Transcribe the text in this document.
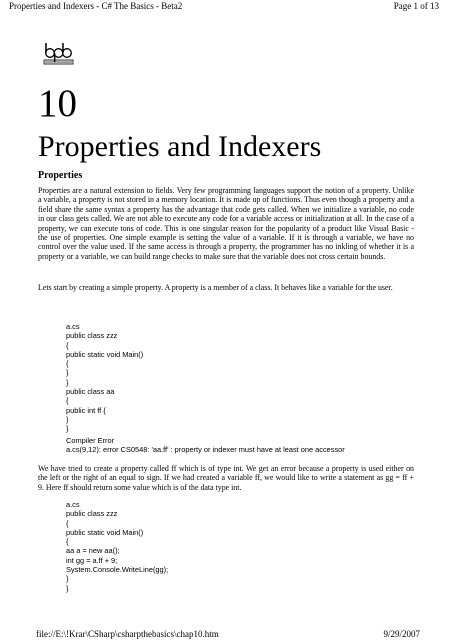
Properties and Indexers - C# The Basics - Beta2	Page 1 of 13
10
Properties and Indexers
Properties

Properties are a natural extension to fields. Very few programming languages support the notion of a property. Unlike a variable, a property is not stored in a memory location. It is made up of functions. Thus even though a property and a field share the same syntax a property has the advantage that code gets called. When we initialize a variable, no code in our class gets called. We are not able to execute any code for a variable access or initialization at all. In the case of a property, we can execute tons of code. This is one singular reason for the popularity of a product like Visual Basic - the use of properties. One simple example is setting the value of a variable. If it is through a variable, we have no control over the value used. If the same access is through a property, the programmer has no inkling of whether it is a property or a variable, we can build range checks to make sure that the variable does not cross certain bounds.

Lets start by creating a simple property. A property is a member of a class. It behaves like a variable for the user.

a.cs
public class zzz
{
public static void Main()
{
}
}
public class aa
{
public int ff {
}
}
Compiler Error
a.cs(9,12): error CS0548: 'aa.ff' : property or indexer must have at least one accessor

We have tried to create a property called ff which is of type int. We get an error because a property is used either on the left or the right of an equal to sign. If we had created a variable ff, we would like to write a statement as gg = ff + 9. Here ff should return some value which is of the data type int.

a.cs
public class zzz
{
public static void Main()
{
aa a = new aa();
int gg = a.ff + 9;
System.Console.WriteLine(gg);
}
}
file://E:\!Krar\CSharp\csharpthebasics\chap10.htm	9/29/2007
